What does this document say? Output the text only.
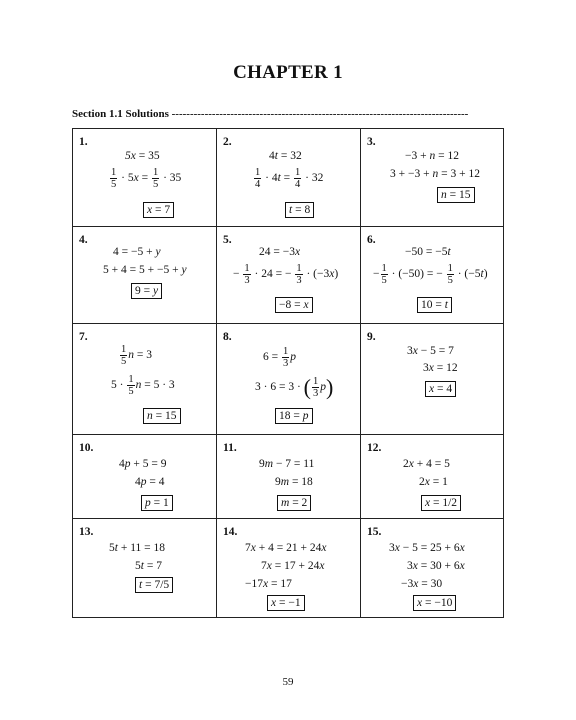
CHAPTER 1
Section 1.1 Solutions ---------------------------------------------------------------------------------
1.
5x = 35
$\frac{1}{5} \cdot 5x = \frac{1}{5} \cdot 35$
x = 7
2.
4t = 32
$\frac{1}{4} \cdot 4t = \frac{1}{4} \cdot 32$
t = 8
3.
−3 + n = 12
3 + −3 + n = 3 + 12
n = 15
4.
4 = −5 + y
5 + 4 = 5 + −5 + y
9 = y
5.
24 = −3x
− $\frac{1}{3} \cdot 24$ = − $\frac{1}{3} \cdot (-3x)$
−8 = x
6.
−50 = −5t
− $\frac{1}{5} \cdot (-50)$ = − $\frac{1}{5} \cdot (-5t)$
10 = t
7.
$\frac{1}{5}$ n = 3
$5 \cdot \frac{1}{5}$ n = 5 · 3
n = 15
8.
$6 = \frac{1}{3}$ p
3 · 6 = 3 · ( $\frac{1}{3} p$)
18 = p
9.
3x − 5 = 7
3x = 12
x = 4
10.
4p + 5 = 9
4p = 4
p = 1
11.
9m − 7 = 11
9m = 18
m = 2
12.
2x + 4 = 5
2x = 1
x = 1/2
13.
5t + 11 = 18
5t = 7
t = 7/5
14.
7x + 4 = 21 + 24x
7x = 17 + 24x
−17x = 17
x = −1
15.
3x − 5 = 25 + 6x
3x = 30 + 6x
−3x = 30
x = −10
59
